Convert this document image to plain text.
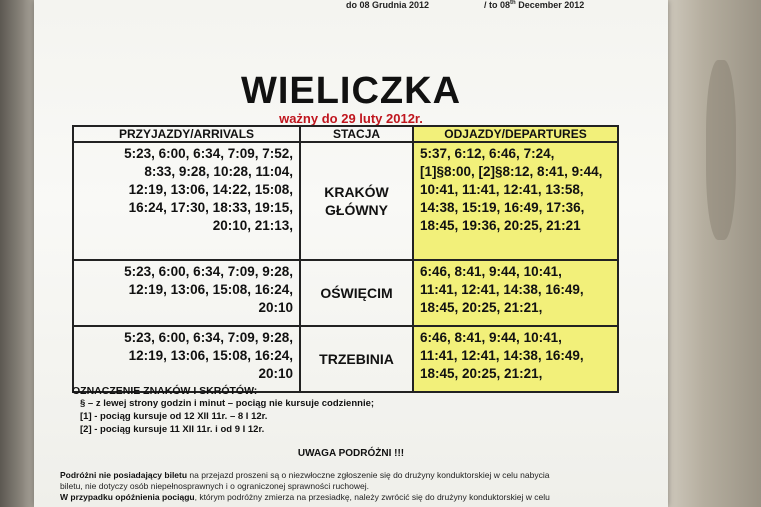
do 08 Grudnia 2012	/ to 08th December 2012
WIELICZKA
ważny do 29 luty 2012r.
PRZYJAZDY/ARRIVALS	STACJA	ODJAZDY/DEPARTURES

5:23, 6:00, 6:34, 7:09, 7:52,
8:33, 9:28, 10:28, 11:04,
12:19, 13:06, 14:22, 15:08,
16:24, 17:30, 18:33, 19:15,
20:10, 21:13,	KRAKÓW
GŁÓWNY	5:37, 6:12, 6:46, 7:24,
[1]§8:00, [2]§8:12, 8:41, 9:44,
10:41, 11:41, 12:41, 13:58,
14:38, 15:19, 16:49, 17:36,
18:45, 19:36, 20:25, 21:21

5:23, 6:00, 6:34, 7:09, 9:28,
12:19, 13:06, 15:08, 16:24,
20:10	OŚWIĘCIM	6:46, 8:41, 9:44, 10:41,
11:41, 12:41, 14:38, 16:49,
18:45, 20:25, 21:21,

5:23, 6:00, 6:34, 7:09, 9:28,
12:19, 13:06, 15:08, 16:24,
20:10	TRZEBINIA	6:46, 8:41, 9:44, 10:41,
11:41, 12:41, 14:38, 16:49,
18:45, 20:25, 21:21,
OZNACZENIE ZNAKÓW I SKRÓTÓW:
§ – z lewej strony godzin i minut – pociąg nie kursuje codziennie;
[1] - pociąg kursuje od 12 XII 11r. – 8 I 12r.
[2] - pociąg kursuje 11 XII 11r. i od 9 I 12r.
UWAGA PODRÓŻNI !!!
Podróżni nie posiadający biletu na przejazd proszeni są o niezwłoczne zgłoszenie się do drużyny konduktorskiej w celu nabycia
biletu, nie dotyczy osób niepełnosprawnych i o ograniczonej sprawności ruchowej.
W przypadku opóźnienia pociągu, którym podróżny zmierza na przesiadkę, należy zwrócić się do drużyny konduktorskiej w celu
